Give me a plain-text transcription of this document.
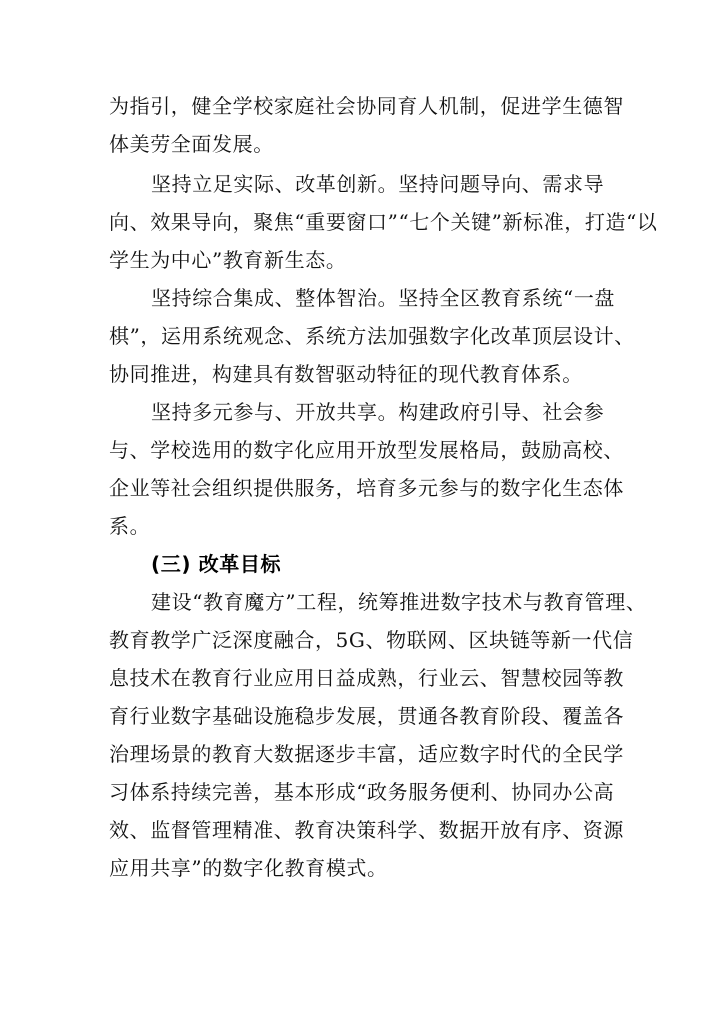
为指引，健全学校家庭社会协同育人机制，促进学生德智
体美劳全面发展。
坚持立足实际、改革创新。坚持问题导向、需求导
向、效果导向，聚焦“重要窗口”“七个关键”新标准，打造“以
学生为中心”教育新生态。
坚持综合集成、整体智治。坚持全区教育系统“一盘
棋”，运用系统观念、系统方法加强数字化改革顶层设计、
协同推进，构建具有数智驱动特征的现代教育体系。
坚持多元参与、开放共享。构建政府引导、社会参
与、学校选用的数字化应用开放型发展格局，鼓励高校、
企业等社会组织提供服务，培育多元参与的数字化生态体
系。
(三) 改革目标
建设“教育魔方”工程，统筹推进数字技术与教育管理、
教育教学广泛深度融合，5G、物联网、区块链等新一代信
息技术在教育行业应用日益成熟，行业云、智慧校园等教
育行业数字基础设施稳步发展，贯通各教育阶段、覆盖各
治理场景的教育大数据逐步丰富，适应数字时代的全民学
习体系持续完善，基本形成“政务服务便利、协同办公高
效、监督管理精准、教育决策科学、数据开放有序、资源
应用共享”的数字化教育模式。
